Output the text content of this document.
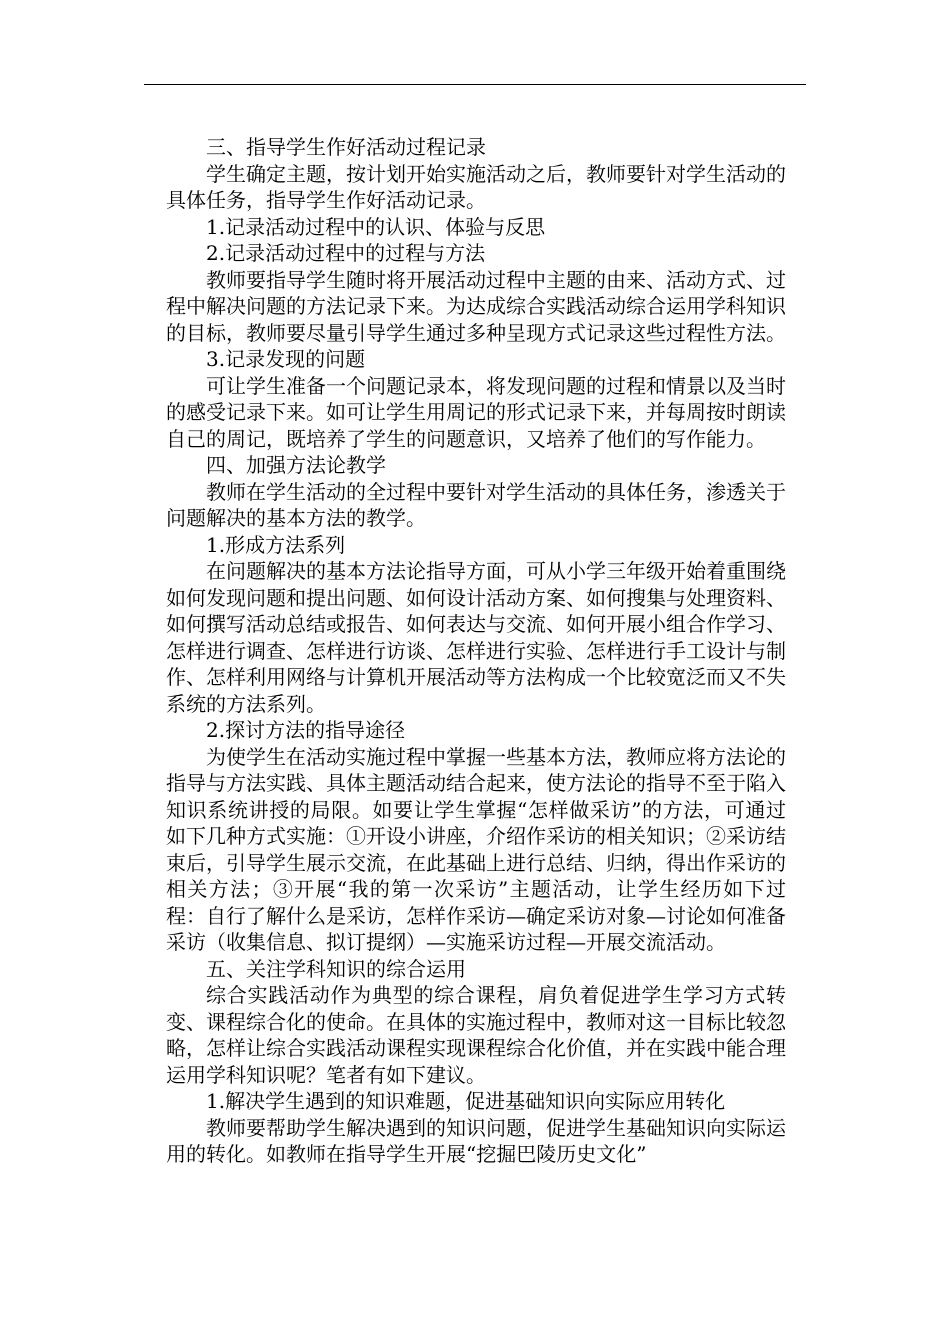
三、指导学生作好活动过程记录

学生确定主题，按计划开始实施活动之后，教师要针对学生活动的具体任务，指导学生作好活动记录。

1.记录活动过程中的认识、体验与反思

2.记录活动过程中的过程与方法

教师要指导学生随时将开展活动过程中主题的由来、活动方式、过程中解决问题的方法记录下来。为达成综合实践活动综合运用学科知识的目标，教师要尽量引导学生通过多种呈现方式记录这些过程性方法。

3.记录发现的问题

可让学生准备一个问题记录本，将发现问题的过程和情景以及当时的感受记录下来。如可让学生用周记的形式记录下来，并每周按时朗读自己的周记，既培养了学生的问题意识，又培养了他们的写作能力。

四、加强方法论教学

教师在学生活动的全过程中要针对学生活动的具体任务，渗透关于问题解决的基本方法的教学。

1.形成方法系列

在问题解决的基本方法论指导方面，可从小学三年级开始着重围绕如何发现问题和提出问题、如何设计活动方案、如何搜集与处理资料、如何撰写活动总结或报告、如何表达与交流、如何开展小组合作学习、怎样进行调查、怎样进行访谈、怎样进行实验、怎样进行手工设计与制作、怎样利用网络与计算机开展活动等方法构成一个比较宽泛而又不失系统的方法系列。

2.探讨方法的指导途径

为使学生在活动实施过程中掌握一些基本方法，教师应将方法论的指导与方法实践、具体主题活动结合起来，使方法论的指导不至于陷入知识系统讲授的局限。如要让学生掌握“怎样做采访”的方法，可通过如下几种方式实施：①开设小讲座，介绍作采访的相关知识；②采访结束后，引导学生展示交流，在此基础上进行总结、归纳，得出作采访的相关方法；③开展“我的第一次采访”主题活动，让学生经历如下过程：自行了解什么是采访，怎样作采访—确定采访对象—讨论如何准备采访（收集信息、拟订提纲）—实施采访过程—开展交流活动。

五、关注学科知识的综合运用

综合实践活动作为典型的综合课程，肩负着促进学生学习方式转变、课程综合化的使命。在具体的实施过程中，教师对这一目标比较忽略，怎样让综合实践活动课程实现课程综合化价值，并在实践中能合理运用学科知识呢？笔者有如下建议。

1.解决学生遇到的知识难题，促进基础知识向实际应用转化

教师要帮助学生解决遇到的知识问题，促进学生基础知识向实际运用的转化。如教师在指导学生开展“挖掘巴陵历史文化”
